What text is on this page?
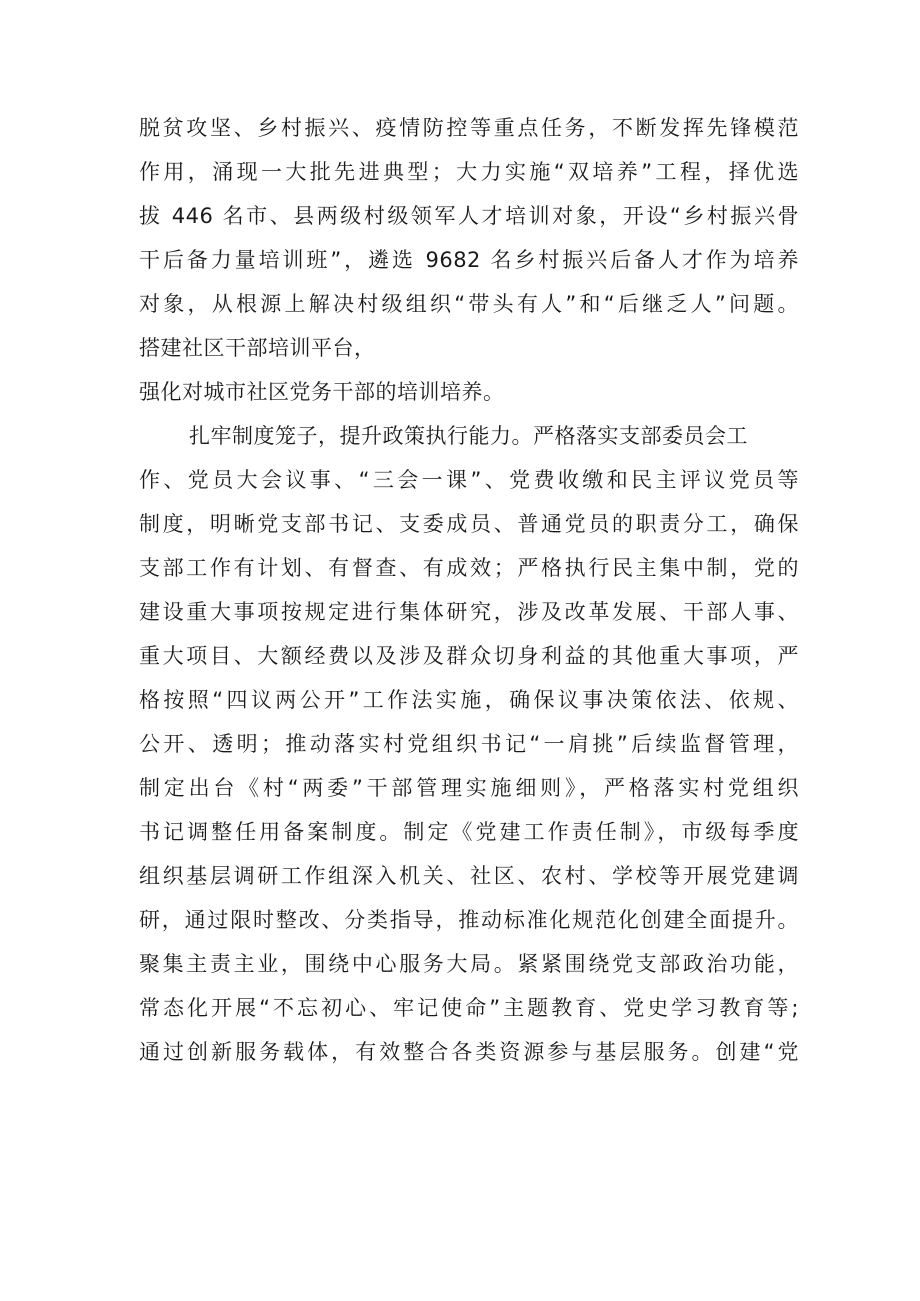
脱贫攻坚、乡村振兴、疫情防控等重点任务，不断发挥先锋模范
作用，涌现一大批先进典型；大力实施“双培养”工程，择优选
拔 446 名市、县两级村级领军人才培训对象，开设“乡村振兴骨
干后备力量培训班”，遴选 9682 名乡村振兴后备人才作为培养
对象，从根源上解决村级组织“带头有人”和“后继乏人”问题。
搭建社区干部培训平台，
强化对城市社区党务干部的培训培养。
扎牢制度笼子，提升政策执行能力。严格落实支部委员会工
作、党员大会议事、“三会一课”、党费收缴和民主评议党员等
制度，明晰党支部书记、支委成员、普通党员的职责分工，确保
支部工作有计划、有督查、有成效；严格执行民主集中制，党的
建设重大事项按规定进行集体研究，涉及改革发展、干部人事、
重大项目、大额经费以及涉及群众切身利益的其他重大事项，严
格按照“四议两公开”工作法实施，确保议事决策依法、依规、
公开、透明；推动落实村党组织书记“一肩挑”后续监督管理，
制定出台《村“两委”干部管理实施细则》，严格落实村党组织
书记调整任用备案制度。制定《党建工作责任制》，市级每季度
组织基层调研工作组深入机关、社区、农村、学校等开展党建调
研，通过限时整改、分类指导，推动标准化规范化创建全面提升。
聚集主责主业，围绕中心服务大局。紧紧围绕党支部政治功能，
常态化开展“不忘初心、牢记使命”主题教育、党史学习教育等;
通过创新服务载体，有效整合各类资源参与基层服务。创建“党
